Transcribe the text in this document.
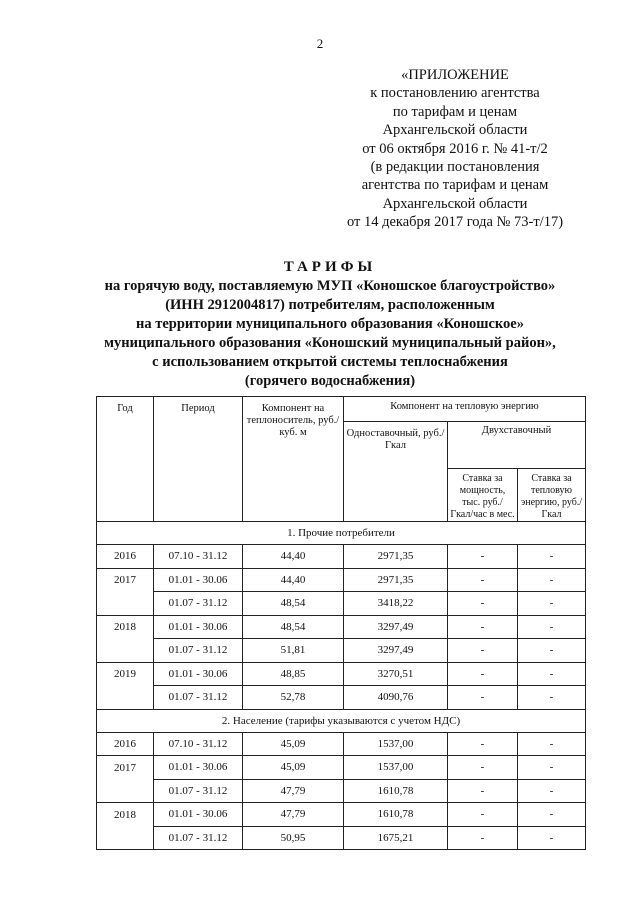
2
«ПРИЛОЖЕНИЕ
к постановлению агентства
по тарифам и ценам
Архангельской области
от 06 октября 2016 г. № 41-т/2
(в редакции постановления
агентства по тарифам и ценам
Архангельской области
от 14 декабря 2017 года № 73-т/17)
ТАРИФЫ
на горячую воду, поставляемую МУП «Коношское благоустройство»
(ИНН 2912004817) потребителям, расположенным
на территории муниципального образования «Коношское»
муниципального образования «Коношский муниципальный район»,
с использованием открытой системы теплоснабжения
(горячего водоснабжения)
Год	Период	Компонент на теплоноситель, руб./куб. м	Компонент на тепловую энергию		
			Одноставочный, руб./Гкал	Двухставочный	
				Ставка за мощность, тыс. руб./ Гкал/час в мес.	Ставка за тепловую энергию, руб./Гкал
1. Прочие потребители					
2016	07.10 - 31.12	44,40	2971,35	-	-
2017	01.01 - 30.06	44,40	2971,35	-	-
	01.07 - 31.12	48,54	3418,22	-	-
2018	01.01 - 30.06	48,54	3297,49	-	-
	01.07 - 31.12	51,81	3297,49	-	-
2019	01.01 - 30.06	48,85	3270,51	-	-
	01.07 - 31.12	52,78	4090,76	-	-
2. Население (тарифы указываются с учетом НДС)					
2016	07.10 - 31.12	45,09	1537,00	-	-
2017	01.01 - 30.06	45,09	1537,00	-	-
	01.07 - 31.12	47,79	1610,78	-	-
2018	01.01 - 30.06	47,79	1610,78	-	-
	01.07 - 31.12	50,95	1675,21	-	-
